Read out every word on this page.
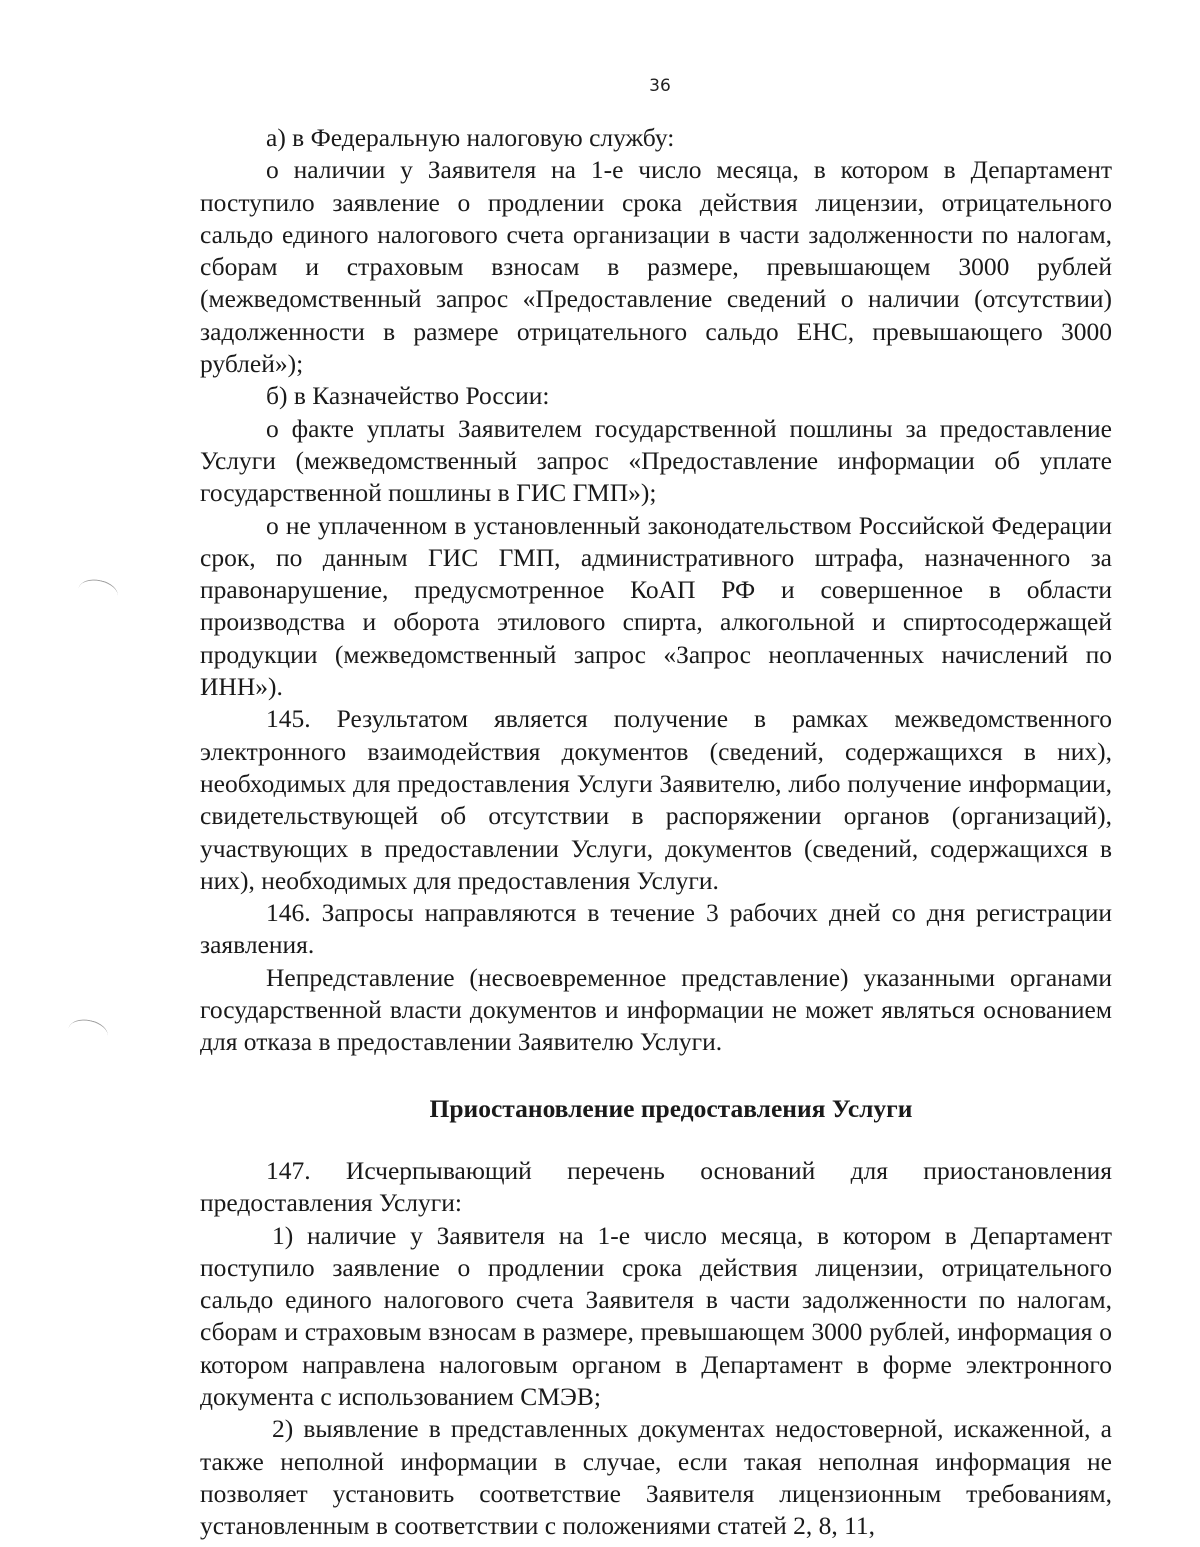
36

а) в Федеральную налоговую службу:

о наличии у Заявителя на 1-е число месяца, в котором в Департамент поступило заявление о продлении срока действия лицензии, отрицательного сальдо единого налогового счета организации в части задолженности по налогам, сборам и страховым взносам в размере, превышающем 3000 рублей (межведомственный запрос «Предоставление сведений о наличии (отсутствии) задолженности в размере отрицательного сальдо ЕНС, превышающего 3000 рублей»);

б) в Казначейство России:

о факте уплаты Заявителем государственной пошлины за предоставление Услуги (межведомственный запрос «Предоставление информации об уплате государственной пошлины в ГИС ГМП»);

о не уплаченном в установленный законодательством Российской Федерации срок, по данным ГИС ГМП, административного штрафа, назначенного за правонарушение, предусмотренное КоАП РФ и совершенное в области производства и оборота этилового спирта, алкогольной и спиртосодержащей продукции (межведомственный запрос «Запрос неоплаченных начислений по ИНН»).

145. Результатом является получение в рамках межведомственного электронного взаимодействия документов (сведений, содержащихся в них), необходимых для предоставления Услуги Заявителю, либо получение информации, свидетельствующей об отсутствии в распоряжении органов (организаций), участвующих в предоставлении Услуги, документов (сведений, содержащихся в них), необходимых для предоставления Услуги.

146. Запросы направляются в течение 3 рабочих дней со дня регистрации заявления.

Непредставление (несвоевременное представление) указанными органами государственной власти документов и информации не может являться основанием для отказа в предоставлении Заявителю Услуги.

Приостановление предоставления Услуги

147. Исчерпывающий перечень оснований для приостановления предоставления Услуги:

1) наличие у Заявителя на 1-е число месяца, в котором в Департамент поступило заявление о продлении срока действия лицензии, отрицательного сальдо единого налогового счета Заявителя в части задолженности по налогам, сборам и страховым взносам в размере, превышающем 3000 рублей, информация о котором направлена налоговым органом в Департамент в форме электронного документа с использованием СМЭВ;

2) выявление в представленных документах недостоверной, искаженной, а также неполной информации в случае, если такая неполная информация не позволяет установить соответствие Заявителя лицензионным требованиям, установленным в соответствии с положениями статей 2, 8, 11,
